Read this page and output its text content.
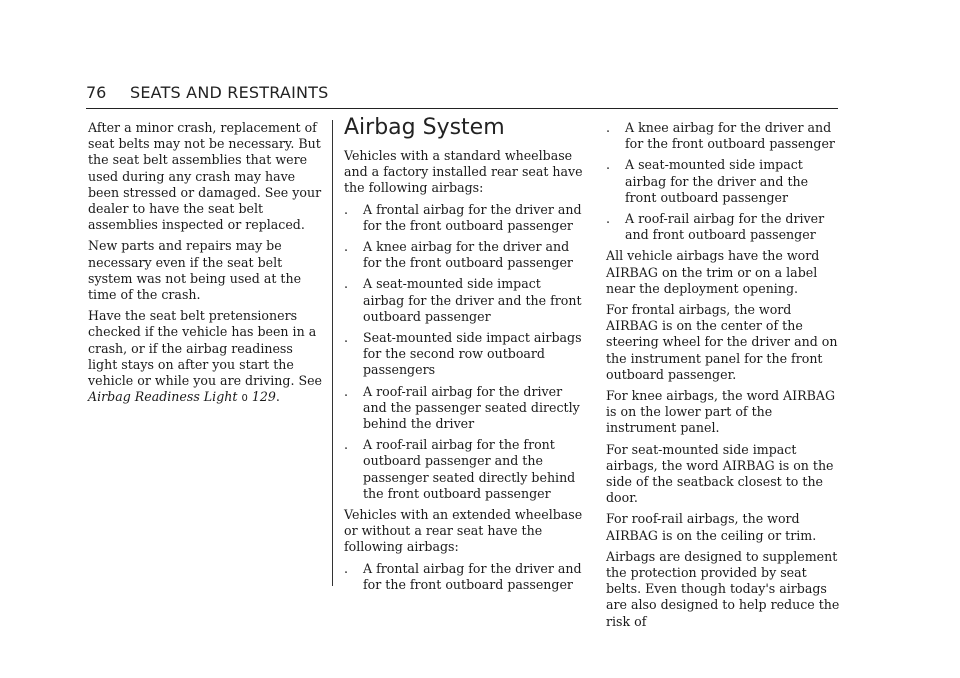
76 SEATS AND RESTRAINTS

After a minor crash, replacement of seat belts may not be necessary. But the seat belt assemblies that were used during any crash may have been stressed or damaged. See your dealer to have the seat belt assemblies inspected or replaced.

New parts and repairs may be necessary even if the seat belt system was not being used at the time of the crash.

Have the seat belt pretensioners checked if the vehicle has been in a crash, or if the airbag readiness light stays on after you start the vehicle or while you are driving. See Airbag Readiness Light 0 129.

Airbag System

Vehicles with a standard wheelbase and a factory installed rear seat have the following airbags:

. A frontal airbag for the driver and for the front outboard passenger
. A knee airbag for the driver and for the front outboard passenger
. A seat-mounted side impact airbag for the driver and the front outboard passenger
. Seat-mounted side impact airbags for the second row outboard passengers
. A roof-rail airbag for the driver and the passenger seated directly behind the driver
. A roof-rail airbag for the front outboard passenger and the passenger seated directly behind the front outboard passenger

Vehicles with an extended wheelbase or without a rear seat have the following airbags:

. A frontal airbag for the driver and for the front outboard passenger
. A knee airbag for the driver and for the front outboard passenger
. A seat-mounted side impact airbag for the driver and the front outboard passenger
. A roof-rail airbag for the driver and front outboard passenger

All vehicle airbags have the word AIRBAG on the trim or on a label near the deployment opening.

For frontal airbags, the word AIRBAG is on the center of the steering wheel for the driver and on the instrument panel for the front outboard passenger.

For knee airbags, the word AIRBAG is on the lower part of the instrument panel.

For seat-mounted side impact airbags, the word AIRBAG is on the side of the seatback closest to the door.

For roof-rail airbags, the word AIRBAG is on the ceiling or trim.

Airbags are designed to supplement the protection provided by seat belts. Even though today's airbags are also designed to help reduce the risk of
